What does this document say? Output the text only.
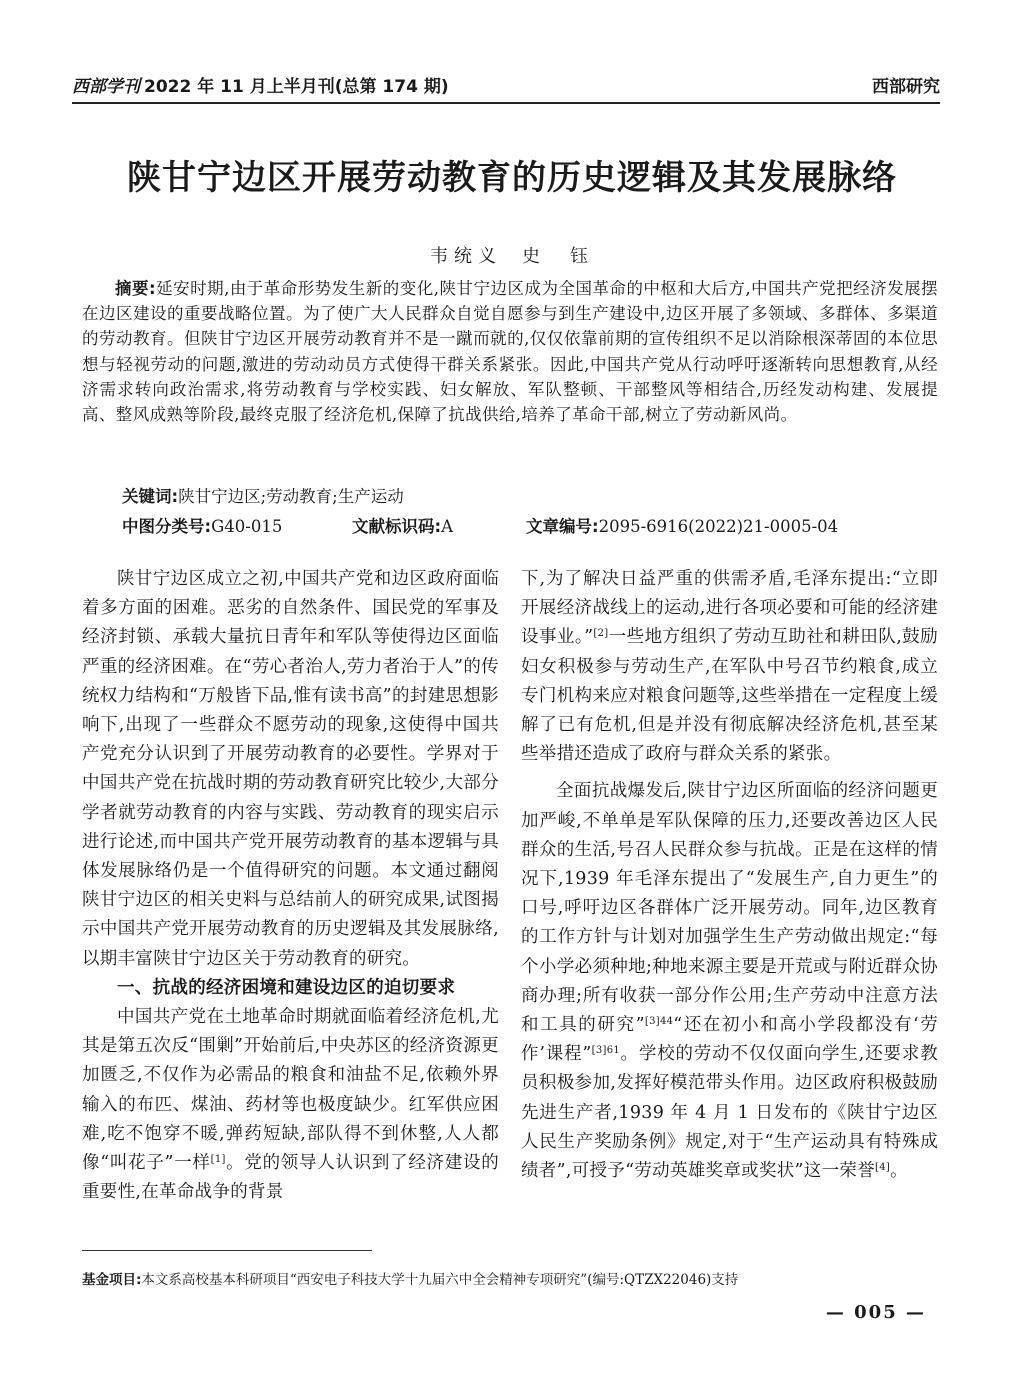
西部学刊 2022 年 11 月上半月刊(总第 174 期)	西部研究
陕甘宁边区开展劳动教育的历史逻辑及其发展脉络
韦统义 史　钰

摘要:延安时期,由于革命形势发生新的变化,陕甘宁边区成为全国革命的中枢和大后方,中国共产党把经济发展摆在边区建设的重要战略位置。为了使广大人民群众自觉自愿参与到生产建设中,边区开展了多领域、多群体、多渠道的劳动教育。但陕甘宁边区开展劳动教育并不是一蹴而就的,仅仅依靠前期的宣传组织不足以消除根深蒂固的本位思想与轻视劳动的问题,激进的劳动动员方式使得干群关系紧张。因此,中国共产党从行动呼吁逐渐转向思想教育,从经济需求转向政治需求,将劳动教育与学校实践、妇女解放、军队整顿、干部整风等相结合,历经发动构建、发展提高、整风成熟等阶段,最终克服了经济危机,保障了抗战供给,培养了革命干部,树立了劳动新风尚。

关键词:陕甘宁边区;劳动教育;生产运动
中图分类号:G40-015	文献标识码:A	文章编号:2095-6916(2022)21-0005-04

陕甘宁边区成立之初,中国共产党和边区政府面临着多方面的困难。恶劣的自然条件、国民党的军事及经济封锁、承载大量抗日青年和军队等使得边区面临严重的经济困难。在“劳心者治人,劳力者治于人”的传统权力结构和“万般皆下品,惟有读书高”的封建思想影响下,出现了一些群众不愿劳动的现象,这使得中国共产党充分认识到了开展劳动教育的必要性。学界对于中国共产党在抗战时期的劳动教育研究比较少,大部分学者就劳动教育的内容与实践、劳动教育的现实启示进行论述,而中国共产党开展劳动教育的基本逻辑与具体发展脉络仍是一个值得研究的问题。本文通过翻阅陕甘宁边区的相关史料与总结前人的研究成果,试图揭示中国共产党开展劳动教育的历史逻辑及其发展脉络,以期丰富陕甘宁边区关于劳动教育的研究。

一、抗战的经济困境和建设边区的迫切要求

中国共产党在土地革命时期就面临着经济危机,尤其是第五次反“围剿”开始前后,中央苏区的经济资源更加匮乏,不仅作为必需品的粮食和油盐不足,依赖外界输入的布匹、煤油、药材等也极度缺少。红军供应困难,吃不饱穿不暖,弹药短缺,部队得不到休整,人人都像“叫花子”一样[1]。党的领导人认识到了经济建设的重要性,在革命战争的背景

下,为了解决日益严重的供需矛盾,毛泽东提出:“立即开展经济战线上的运动,进行各项必要和可能的经济建设事业。”[2]一些地方组织了劳动互助社和耕田队,鼓励妇女积极参与劳动生产,在军队中号召节约粮食,成立专门机构来应对粮食问题等,这些举措在一定程度上缓解了已有危机,但是并没有彻底解决经济危机,甚至某些举措还造成了政府与群众关系的紧张。

全面抗战爆发后,陕甘宁边区所面临的经济问题更加严峻,不单单是军队保障的压力,还要改善边区人民群众的生活,号召人民群众参与抗战。正是在这样的情况下,1939 年毛泽东提出了“发展生产,自力更生”的口号,呼吁边区各群体广泛开展劳动。同年,边区教育的工作方针与计划对加强学生生产劳动做出规定:“每个小学必须种地;种地来源主要是开荒或与附近群众协商办理;所有收获一部分作公用;生产劳动中注意方法和工具的研究”$^{[3]44}$“还在初小和高小学段都没有‘劳作’课程”$^{[3]61}$。学校的劳动不仅仅面向学生,还要求教员积极参加,发挥好模范带头作用。边区政府积极鼓励先进生产者,1939 年 4 月 1 日发布的《陕甘宁边区人民生产奖励条例》规定,对于“生产运动具有特殊成绩者”,可授予“劳动英雄奖章或奖状”这一荣誉[4]。

基金项目:本文系高校基本科研项目“西安电子科技大学十九届六中全会精神专项研究”(编号:QTZX22046)支持
— 005 —
